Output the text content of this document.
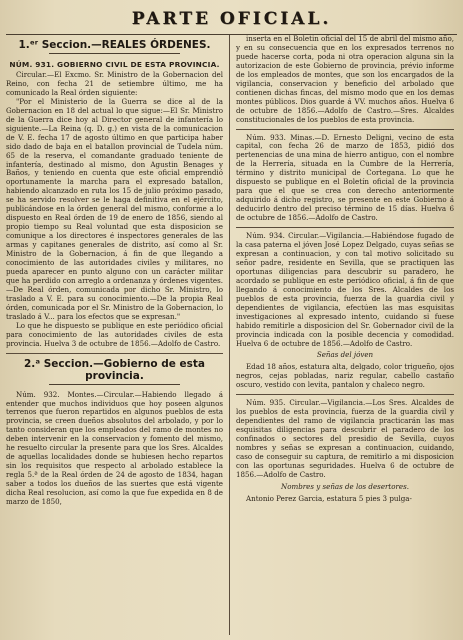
PARTE OFICIAL.
1.ᵉʳ Seccion.—REALES ÓRDENES.
NÚM. 931. GOBIERNO CIVIL DE ESTA PROVINCIA.

Circular.—El Excmo. Sr. Ministro de la Gobernacion del Reino, con fecha 21 de setiembre último, me ha comunicado la Real órden siguiente:

"Por el Ministerio de la Guerra se dice al de la Gobernacion en 18 del actual lo que sigue:—El Sr. Ministro de la Guerra dice hoy al Director general de infantería lo siguiente.—La Reina (q. D. g.) en vista de la comunicacion de V. E. fecha 17 de agosto último en que participa haber sido dado de baja en el batallon provincial de Tudela núm. 65 de la reserva, el comandante graduado teniente de infantería, destinado al mismo, don Agustin Benages y Baños, y teniendo en cuenta que este oficial emprendió oportunamente la marcha para el expresado batallon, habiendo alcanzado en ruta los 15 de julio próximo pasado, se ha servido resolver se le haga definitiva en el ejército, publicándose en la órden general del mismo, conforme a lo dispuesto en Real órden de 19 de enero de 1856, siendo al propio tiempo su Real voluntad que esta disposicion se comunique a los directores é inspectores generales de las armas y capitanes generales de distrito, así como al Sr. Ministro de la Gobernacion, á fin de que llegando a conocimiento de las autoridades civiles y militares, no pueda aparecer en punto alguno con un carácter militar que ha perdido con arreglo a ordenanza y órdenes vigentes.—De Real órden, comunicada por dicho Sr. Ministro, lo traslado a V. E. para su conocimiento.—De la propia Real órden, comunicada por el Sr. Ministro de la Gobernacion, lo traslado á V... para los efectos que se expresan."

Lo que he dispuesto se publique en este periódico oficial para conocimiento de las autoridades civiles de esta provincia. Huelva 3 de octubre de 1856.—Adolfo de Castro.

2.ᵃ Seccion.—Gobierno de esta provincia.

Núm. 932. Montes.—Circular.—Habiendo llegado á entender que muchos individuos que hoy poseen algunos terrenos que fueron repartidos en algunos pueblos de esta provincia, se creen dueños absolutos del arbolado, y por lo tanto consideran que los empleados del ramo de montes no deben intervenir en la conservacion y fomento del mismo, he resuelto circular la presente para que los Sres. Alcaldes de aquellas localidades donde se hubiesen hecho repartos sin los requisitos que respecto al arbolado establece la regla 5.ª de la Real órden de 24 de agosto de 1834, hagan saber a todos los dueños de las suertes que está vigente dicha Real resolucion, así como la que fue expedida en 8 de marzo de 1850,

inserta en el Boletin oficial del 15 de abril del mismo año, y en su consecuencia que en los expresados terrenos no puede hacerse corta, poda ni otra operacion alguna sin la autorizacion de este Gobierno de provincia, prévio informe de los empleados de montes, que son los encargados de la vigilancia, conservacion y beneficio del arbolado que contienen dichas fincas, del mismo modo que en los demas montes públicos. Dios guarde á VV. muchos años. Huelva 6 de octubre de 1856.—Adolfo de Castro.—Sres. Alcaldes constitucionales de los pueblos de esta provincia.

Núm. 933. Minas.—D. Ernesto Deligni, vecino de esta capital, con fecha 26 de marzo de 1853, pidió dos pertenencias de una mina de hierro antiguo, con el nombre de la Herrería, situada en la Cumbre de la Herrería, término y distrito municipal de Cortegana. Lo que he dispuesto se publique en el Boletín oficial de la provincia para que el que se crea con derecho anteriormente adquirido á dicho registro, se presente en este Gobierno á deducirlo dentro del preciso término de 15 días. Huelva 6 de octubre de 1856.—Adolfo de Castro.

Núm. 934. Circular.—Vigilancia.—Habiéndose fugado de la casa paterna el jóven José Lopez Delgado, cuyas señas se expresan a continuacion, y con tal motivo solicitado su señor padre, residente en Sevilla, que se practiquen las oportunas diligencias para descubrir su paradero, he acordado se publique en este periódico oficial, á fin de que llegando á conocimiento de los Sres. Alcaldes de los pueblos de esta provincia, fuerza de la guardia civil y dependientes de vigilancia, efectúen las mas esquisitas investigaciones al expresado intento, cuidando si fuese habido remitirle a disposicion del Sr. Gobernador civil de la provincia indicada con la posible decencia y comodidad. Huelva 6 de octubre de 1856.—Adolfo de Castro.

Señas del jóven

Edad 18 años, estatura alta, delgado, color trigueño, ojos negros, cejas pobladas, nariz regular, cabello castaño oscuro, vestido con levita, pantalon y chaleco negro.

Núm. 935. Circular.—Vigilancia.—Los Sres. Alcaldes de los pueblos de esta provincia, fuerza de la guardia civil y dependientes del ramo de vigilancia practicarán las mas esquisitas diligencias para descubrir el paradero de los confinados o sectores del presidio de Sevilla, cuyos nombres y señas se expresan a continuacion, cuidando, caso de conseguir su captura, de remitirlo a mi disposicion con las oportunas seguridades. Huelva 6 de octubre de 1856.—Adolfo de Castro.

Nombres y señas de los desertores.

Antonio Perez Garcia, estatura 5 pies 3 pulga-
